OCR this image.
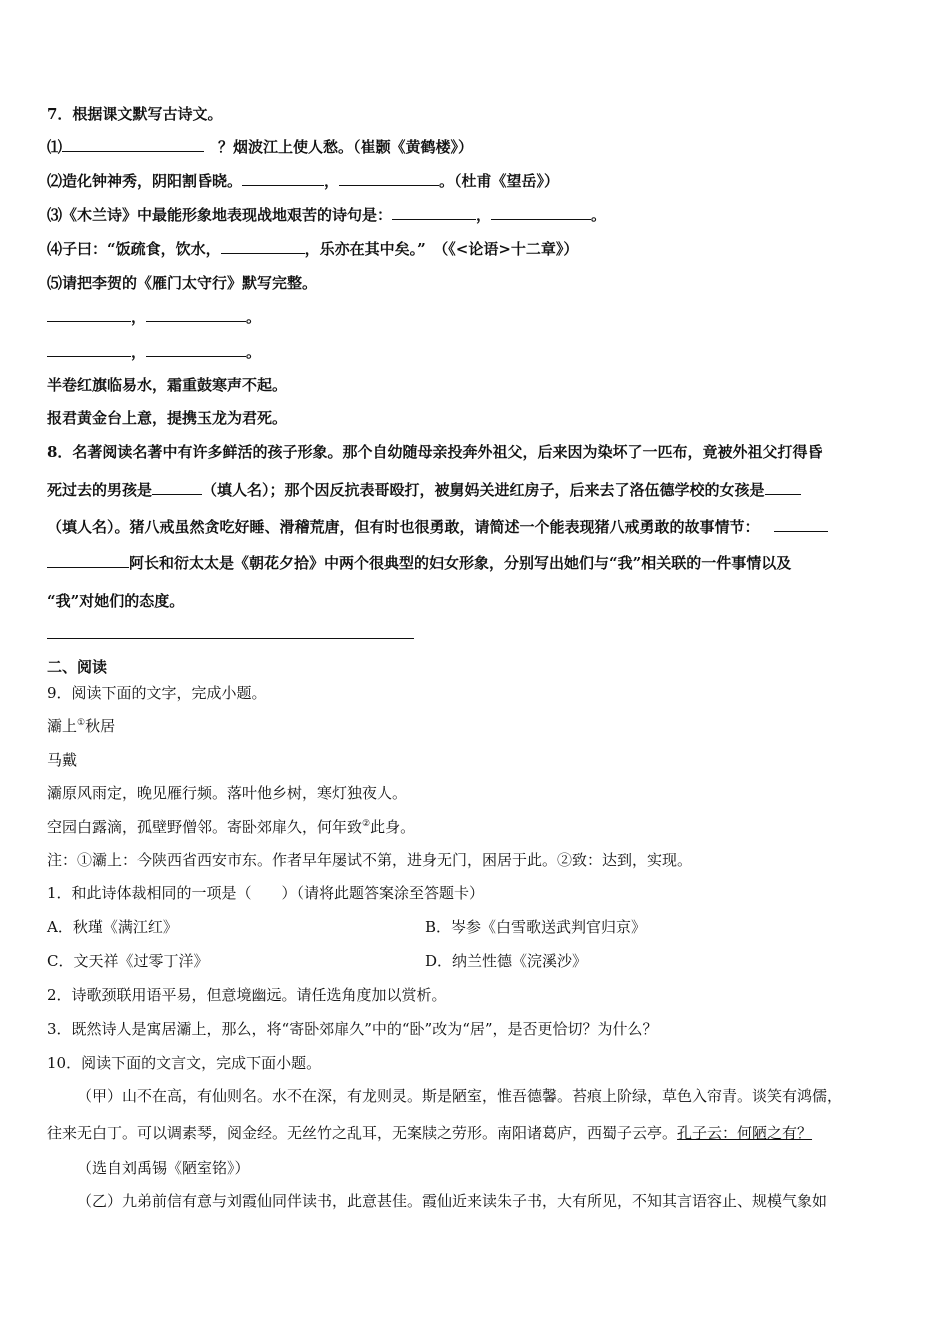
7．根据课文默写古诗文。
⑴	？烟波江上使人愁。（崔颢《黄鹤楼》）
⑵造化钟神秀，阴阳割昏晓。	，	。（杜甫《望岳》）
⑶《木兰诗》中最能形象地表现战地艰苦的诗句是：	，	。
⑷子曰：“饭疏食，饮水，	，乐亦在其中矣。”　（《<论语>十二章》）
⑸请把李贺的《雁门太守行》默写完整。
，	。
，	。
半卷红旗临易水，霜重鼓寒声不起。
报君黄金台上意，提携玉龙为君死。
8．名著阅读名著中有许多鲜活的孩子形象。那个自幼随母亲投奔外祖父，后来因为染坏了一匹布，竟被外祖父打得昏
死过去的男孩是	（填人名）；那个因反抗表哥殴打，被舅妈关进红房子，后来去了洛伍德学校的女孩是
（填人名）。猪八戒虽然贪吃好睡、滑稽荒唐，但有时也很勇敢，请简述一个能表现猪八戒勇敢的故事情节：
阿长和衍太太是《朝花夕拾》中两个很典型的妇女形象，分别写出她们与“我”相关联的一件事情以及
“我”对她们的态度。
二、阅读
9．阅读下面的文字，完成小题。
灞上①秋居
马戴
灞原风雨定，晚见雁行频。落叶他乡树，寒灯独夜人。
空园白露滴，孤壁野僧邻。寄卧郊扉久，何年致②此身。
注：①灞上：今陕西省西安市东。作者早年屡试不第，进身无门，困居于此。②致：达到，实现。
1．和此诗体裁相同的一项是（　　）（请将此题答案涂至答题卡）
A．秋瑾《满江红》	B．岑参《白雪歌送武判官归京》
C．文天祥《过零丁洋》	D．纳兰性德《浣溪沙》
2．诗歌颈联用语平易，但意境幽远。请任选角度加以赏析。
3．既然诗人是寓居灞上，那么，将“寄卧郊扉久”中的“卧”改为“居”，是否更恰切？为什么？
10．阅读下面的文言文，完成下面小题。
（甲）山不在高，有仙则名。水不在深，有龙则灵。斯是陋室，惟吾德馨。苔痕上阶绿，草色入帘青。谈笑有鸿儒，
往来无白丁。可以调素琴，阅金经。无丝竹之乱耳，无案牍之劳形。南阳诸葛庐，西蜀子云亭。孔子云：何陋之有？
（选自刘禹锡《陋室铭》）
（乙）九弟前信有意与刘霞仙同伴读书，此意甚佳。霞仙近来读朱子书，大有所见，不知其言语容止、规模气象如
